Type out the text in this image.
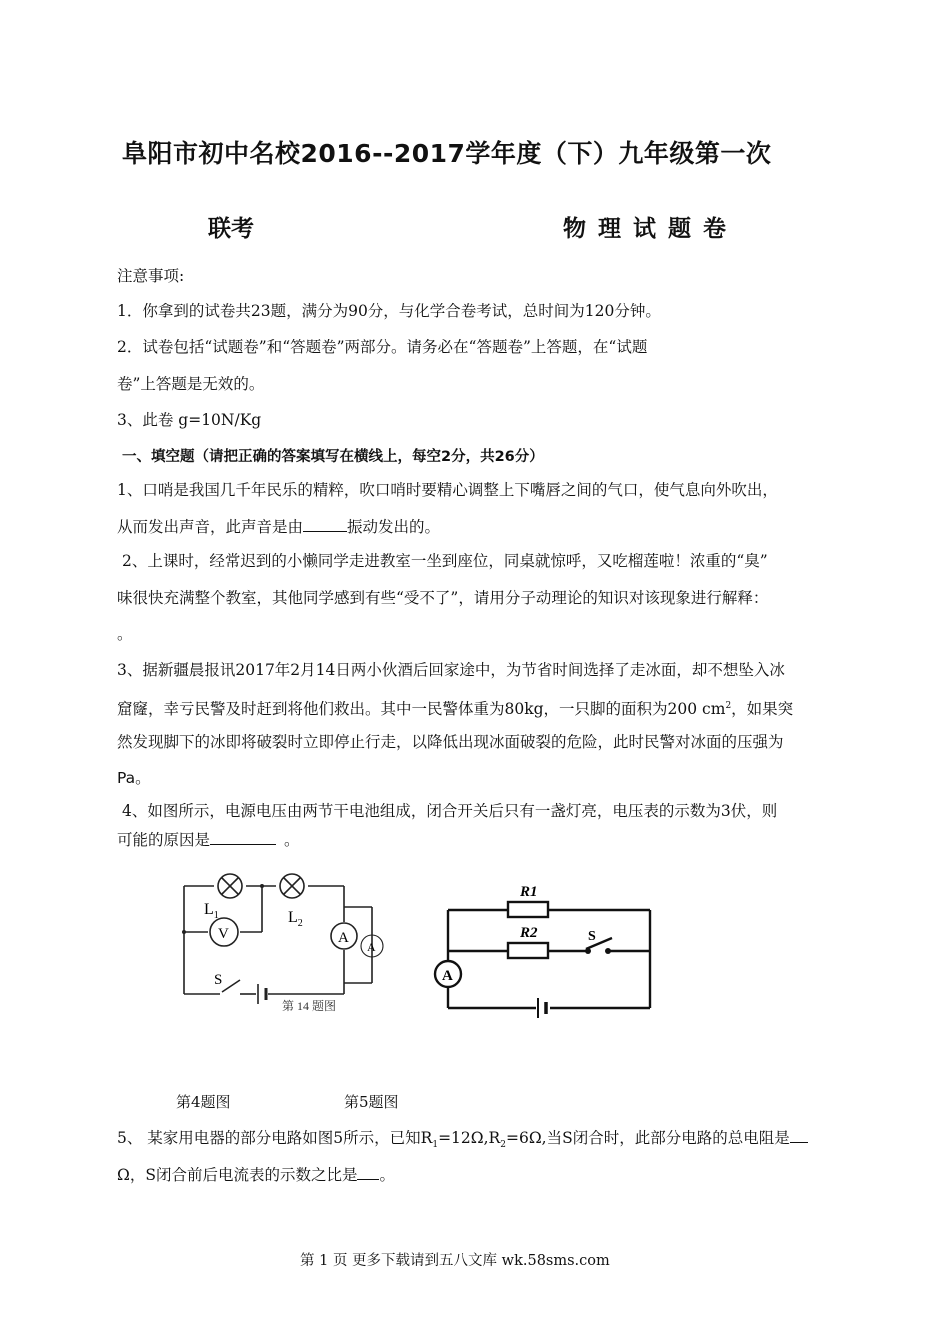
阜阳市初中名校2016--2017学年度（下）九年级第一次
联考	物 理 试 题 卷
注意事项:
1．你拿到的试卷共23题，满分为90分，与化学合卷考试，总时间为120分钟。
2．试卷包括“试题卷”和“答题卷”两部分。请务必在“答题卷”上答题，在“试题
卷”上答题是无效的。
3、此卷 g=10N/Kg
一、填空题（请把正确的答案填写在横线上，每空2分，共26分）
1、口哨是我国几千年民乐的精粹，吹口哨时要精心调整上下嘴唇之间的气口，使气息向外吹出，
从而发出声音，此声音是由	振动发出的。
2、上课时，经常迟到的小懒同学走进教室一坐到座位，同桌就惊呼，又吃榴莲啦！浓重的“臭”
味很快充满整个教室，其他同学感到有些“受不了”，请用分子动理论的知识对该现象进行解释：
。
3、据新疆晨报讯2017年2月14日两小伙酒后回家途中，为节省时间选择了走冰面，却不想坠入冰
窟窿，幸亏民警及时赶到将他们救出。其中一民警体重为80kg，一只脚的面积为200 $cm^2$，如果突
然发现脚下的冰即将破裂时立即停止行走，以降低出现冰面破裂的危险，此时民警对冰面的压强为
Pa。
4、如图所示，电源电压由两节干电池组成，闭合开关后只有一盏灯亮，电压表的示数为3伏，则
可能的原因是	。
$L_1$	$L_2$
V	A
A
S
第 14 题图
R1
R2	S
A
第4题图	第5题图
5、 某家用电器的部分电路如图5所示，已知$R_1=12\Omega,R_2=6\Omega$,当S闭合时，此部分电路的总电阻是
Ω，S闭合前后电流表的示数之比是 。
第 1 页 更多下载请到五八文库 wk.58sms.com
